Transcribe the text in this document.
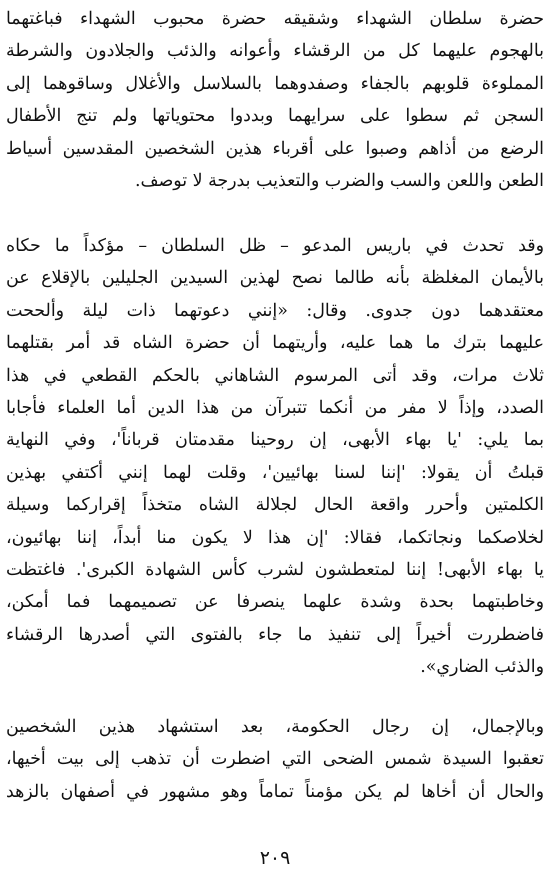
حضرة سلطان الشهداء وشقيقه حضرة محبوب الشهداء فباغتهما
بالهجوم عليهما كل من الرقشاء وأعوانه والذئب والجلادون والشرطة
المملوءة قلوبهم بالجفاء وصفدوهما بالسلاسل والأغلال وساقوهما إلى
السجن ثم سطوا على سرايهما وبددوا محتوياتها ولم تنج الأطفال
الرضع من أذاهم وصبوا على أقرباء هذين الشخصين المقدسين أسياط
الطعن واللعن والسب والضرب والتعذيب بدرجة لا توصف.
وقد تحدث في باريس المدعو – ظل السلطان – مؤكداً ما حكاه
بالأيمان المغلظة بأنه طالما نصح لهذين السيدين الجليلين بالإقلاع عن
معتقدهما دون جدوى. وقال: «إنني دعوتهما ذات ليلة وألححت
عليهما بترك ما هما عليه، وأريتهما أن حضرة الشاه قد أمر بقتلهما
ثلاث مرات، وقد أتى المرسوم الشاهاني بالحكم القطعي في هذا
الصدد، وإذاً لا مفر من أنكما تتبرآن من هذا الدين أما العلماء فأجابا
بما يلي: 'يا بهاء الأبهى، إن روحينا مقدمتان قرباناً'، وفي النهاية
قبلتُ أن يقولا: 'إننا لسنا بهائيين'، وقلت لهما إنني أكتفي بهذين
الكلمتين وأحرر واقعة الحال لجلالة الشاه متخذاً إقراركما وسيلة
لخلاصكما ونجاتكما، فقالا: 'إن هذا لا يكون منا أبداً، إننا بهائيون،
يا بهاء الأبهى! إننا لمتعطشون لشرب كأس الشهادة الكبرى'. فاغتظت
وخاطبتهما بحدة وشدة علهما ينصرفا عن تصميمهما فما أمكن،
فاضطررت أخيراً إلى تنفيذ ما جاء بالفتوى التي أصدرها الرقشاء
والذئب الضاري».
وبالإجمال، إن رجال الحكومة، بعد استشهاد هذين الشخصين
تعقبوا السيدة شمس الضحى التي اضطرت أن تذهب إلى بيت أخيها،
والحال أن أخاها لم يكن مؤمناً تماماً وهو مشهور في أصفهان بالزهد
٢٠٩
